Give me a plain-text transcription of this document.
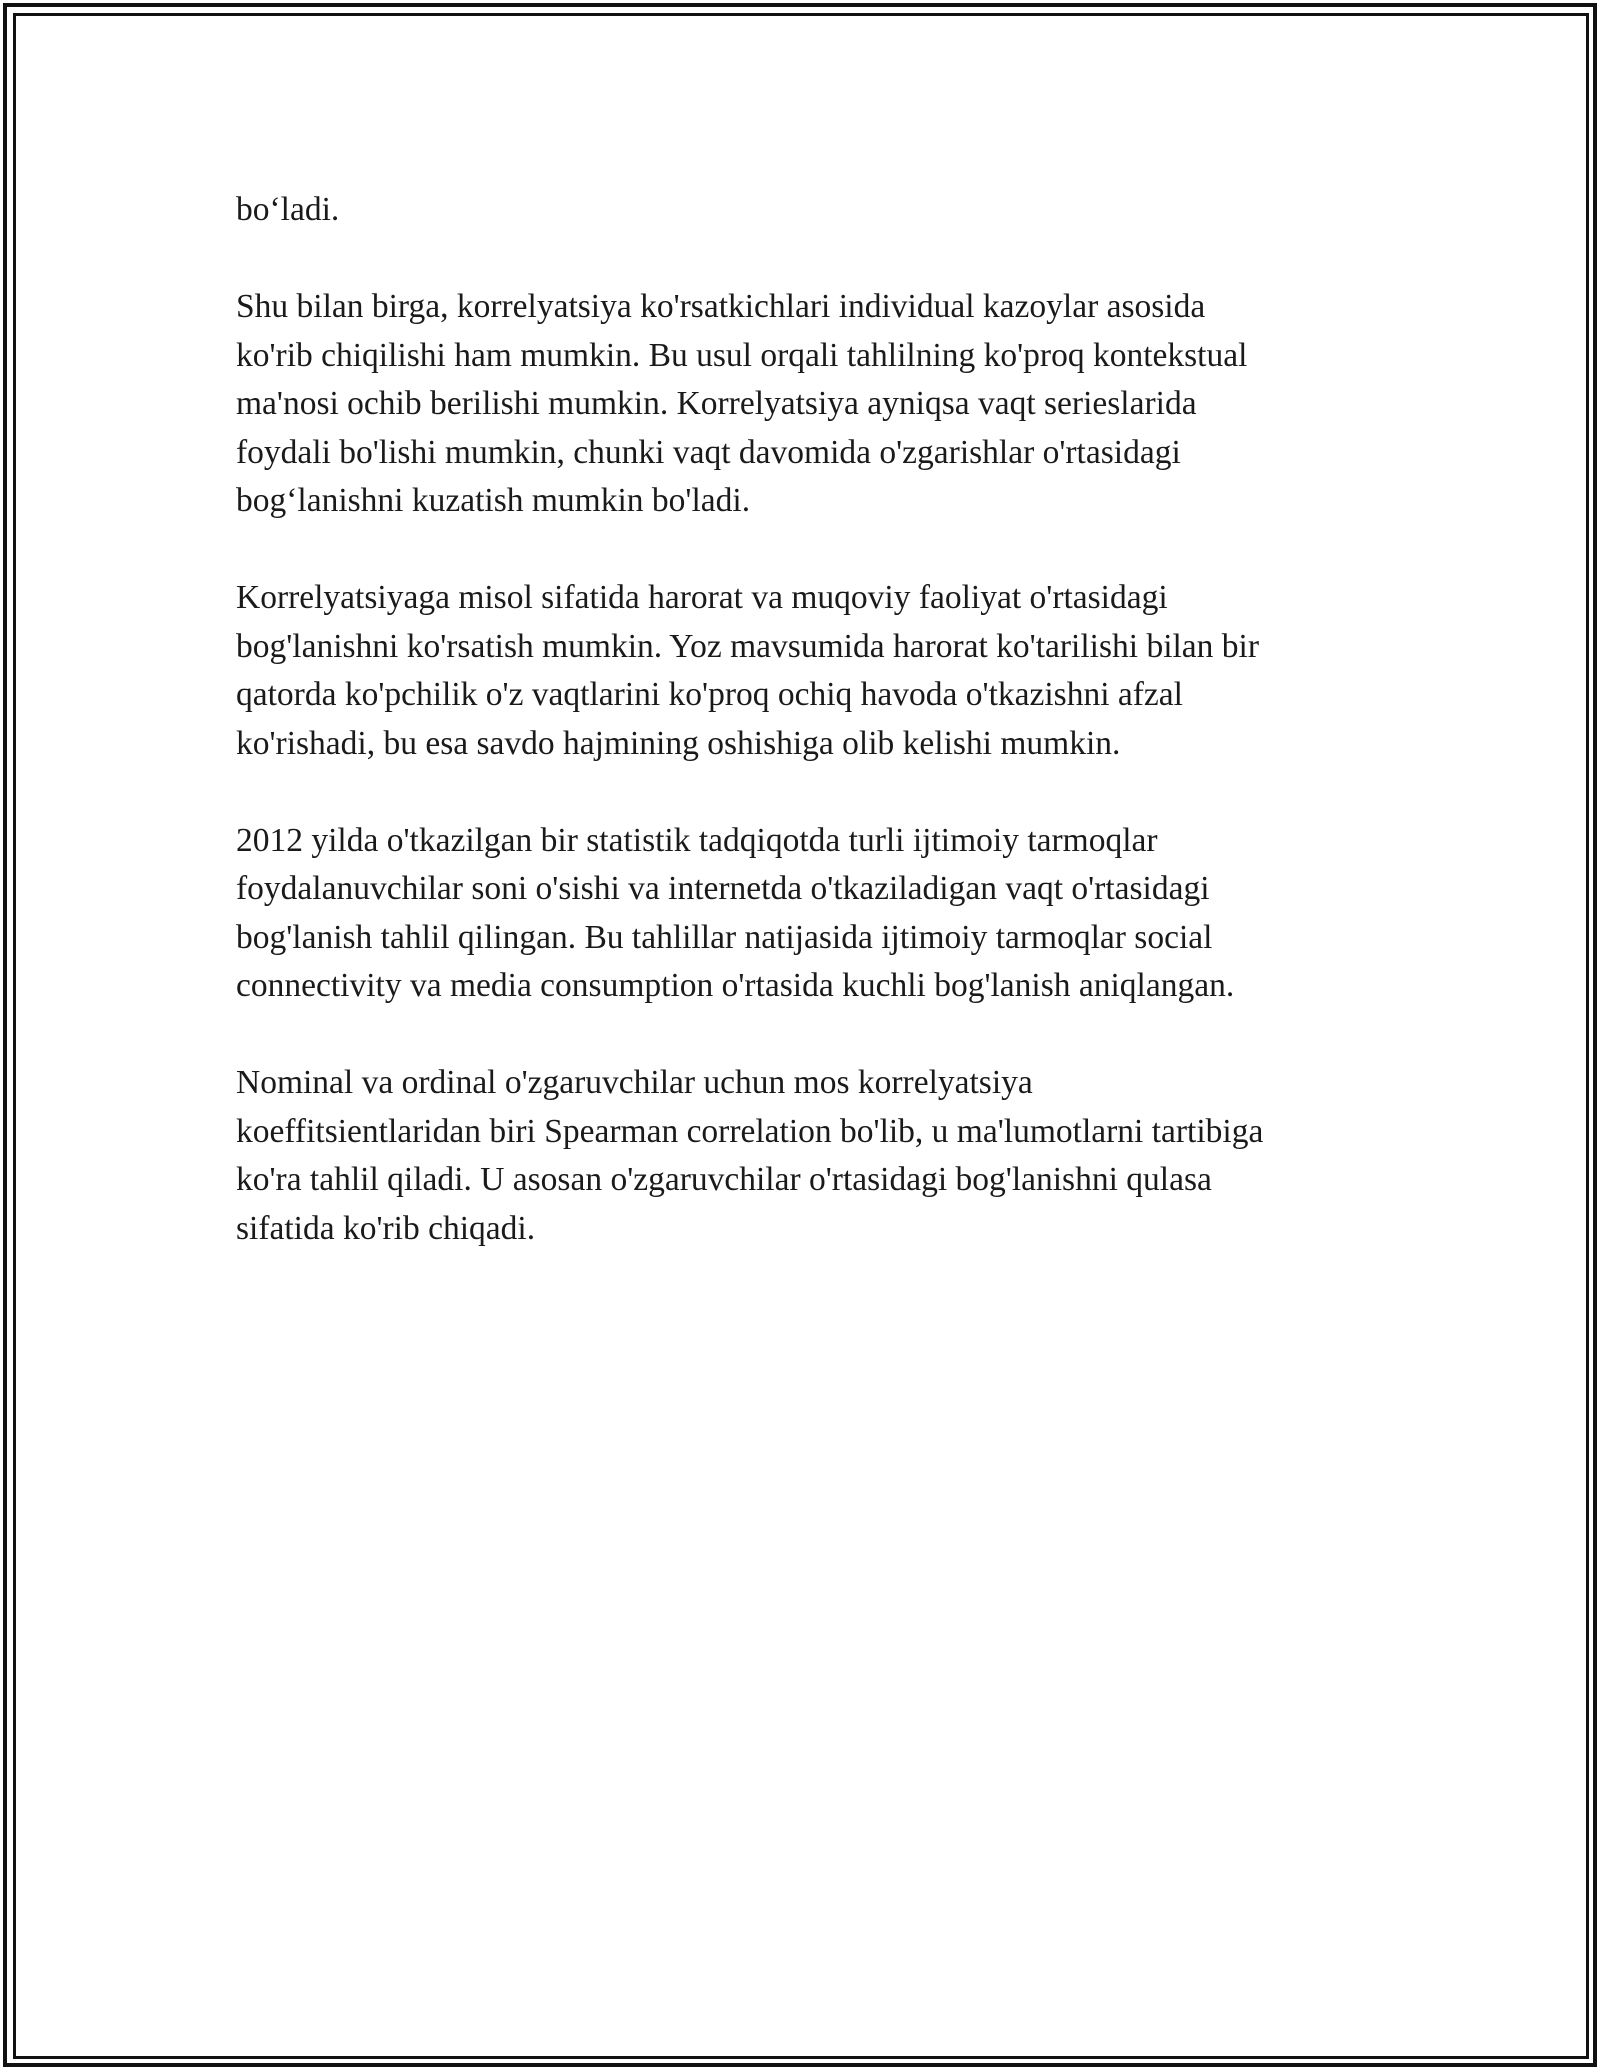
bo‘ladi.

Shu bilan birga, korrelyatsiya ko'rsatkichlari individual kazoylar asosida
ko'rib chiqilishi ham mumkin. Bu usul orqali tahlilning ko'proq kontekstual
ma'nosi ochib berilishi mumkin. Korrelyatsiya ayniqsa vaqt serieslarida
foydali bo'lishi mumkin, chunki vaqt davomida o'zgarishlar o'rtasidagi
bog‘lanishni kuzatish mumkin bo'ladi.

Korrelyatsiyaga misol sifatida harorat va muqoviy faoliyat o'rtasidagi
bog'lanishni ko'rsatish mumkin. Yoz mavsumida harorat ko'tarilishi bilan bir
qatorda ko'pchilik o'z vaqtlarini ko'proq ochiq havoda o'tkazishni afzal
ko'rishadi, bu esa savdo hajmining oshishiga olib kelishi mumkin.

2012 yilda o'tkazilgan bir statistik tadqiqotda turli ijtimoiy tarmoqlar
foydalanuvchilar soni o'sishi va internetda o'tkaziladigan vaqt o'rtasidagi
bog'lanish tahlil qilingan. Bu tahlillar natijasida ijtimoiy tarmoqlar social
connectivity va media consumption o'rtasida kuchli bog'lanish aniqlangan.

Nominal va ordinal o'zgaruvchilar uchun mos korrelyatsiya
koeffitsientlaridan biri Spearman correlation bo'lib, u ma'lumotlarni tartibiga
ko'ra tahlil qiladi. U asosan o'zgaruvchilar o'rtasidagi bog'lanishni qulasa
sifatida ko'rib chiqadi.
